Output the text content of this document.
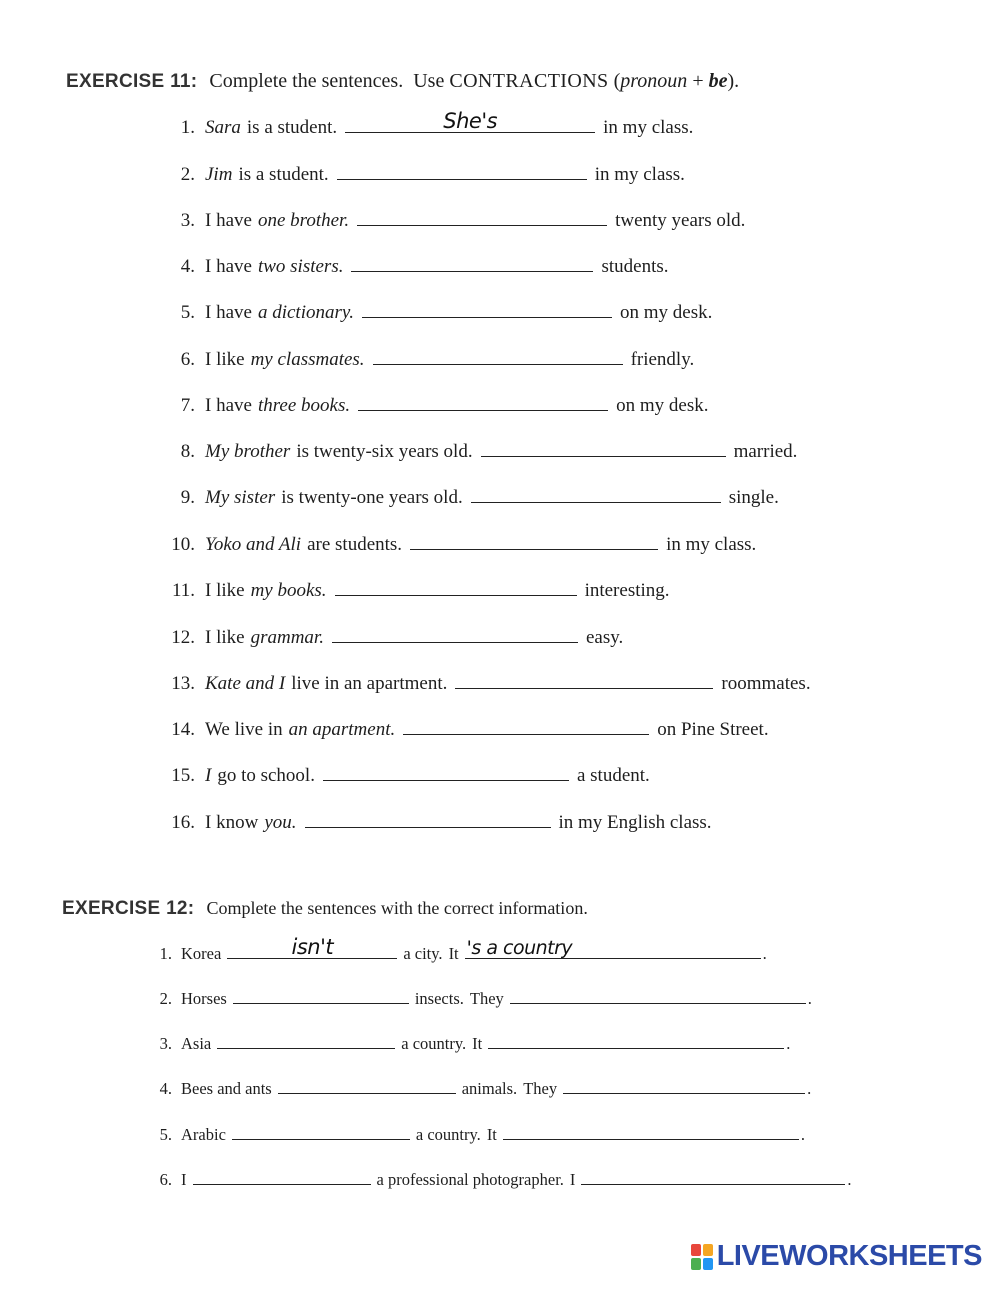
EXERCISE 11: Complete the sentences. Use CONTRACTIONS (pronoun + be).
1. Sara is a student.	She's	in my class.
2. Jim is a student.	in my class.
3. I have one brother.	twenty years old.
4. I have two sisters.	students.
5. I have a dictionary.	on my desk.
6. I like my classmates.	friendly.
7. I have three books.	on my desk.
8. My brother is twenty-six years old.	married.
9. My sister is twenty-one years old.	single.
10. Yoko and Ali are students.	in my class.
11. I like my books.	interesting.
12. I like grammar.	easy.
13. Kate and I live in an apartment.	roommates.
14. We live in an apartment.	on Pine Street.
15. I go to school.	a student.
16. I know you.	in my English class.
EXERCISE 12: Complete the sentences with the correct information.
1. Korea	isn't	a city. It 's a country	.
2. Horses	insects. They	.
3. Asia	a country. It	.
4. Bees and ants	animals. They	.
5. Arabic	a country. It	.
6. I	a professional photographer. I	.
LIVEWORKSHEETS
